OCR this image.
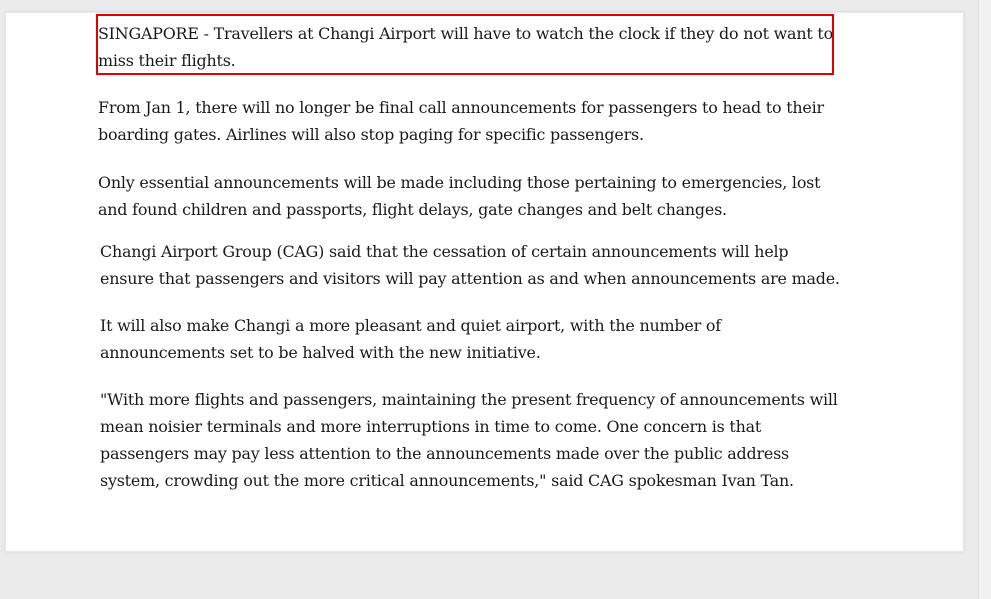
SINGAPORE - Travellers at Changi Airport will have to watch the clock if they do not want to
miss their flights.

From Jan 1, there will no longer be final call announcements for passengers to head to their
boarding gates. Airlines will also stop paging for specific passengers.

Only essential announcements will be made including those pertaining to emergencies, lost
and found children and passports, flight delays, gate changes and belt changes.

Changi Airport Group (CAG) said that the cessation of certain announcements will help
ensure that passengers and visitors will pay attention as and when announcements are made.

It will also make Changi a more pleasant and quiet airport, with the number of
announcements set to be halved with the new initiative.

"With more flights and passengers, maintaining the present frequency of announcements will
mean noisier terminals and more interruptions in time to come. One concern is that
passengers may pay less attention to the announcements made over the public address
system, crowding out the more critical announcements," said CAG spokesman Ivan Tan.
